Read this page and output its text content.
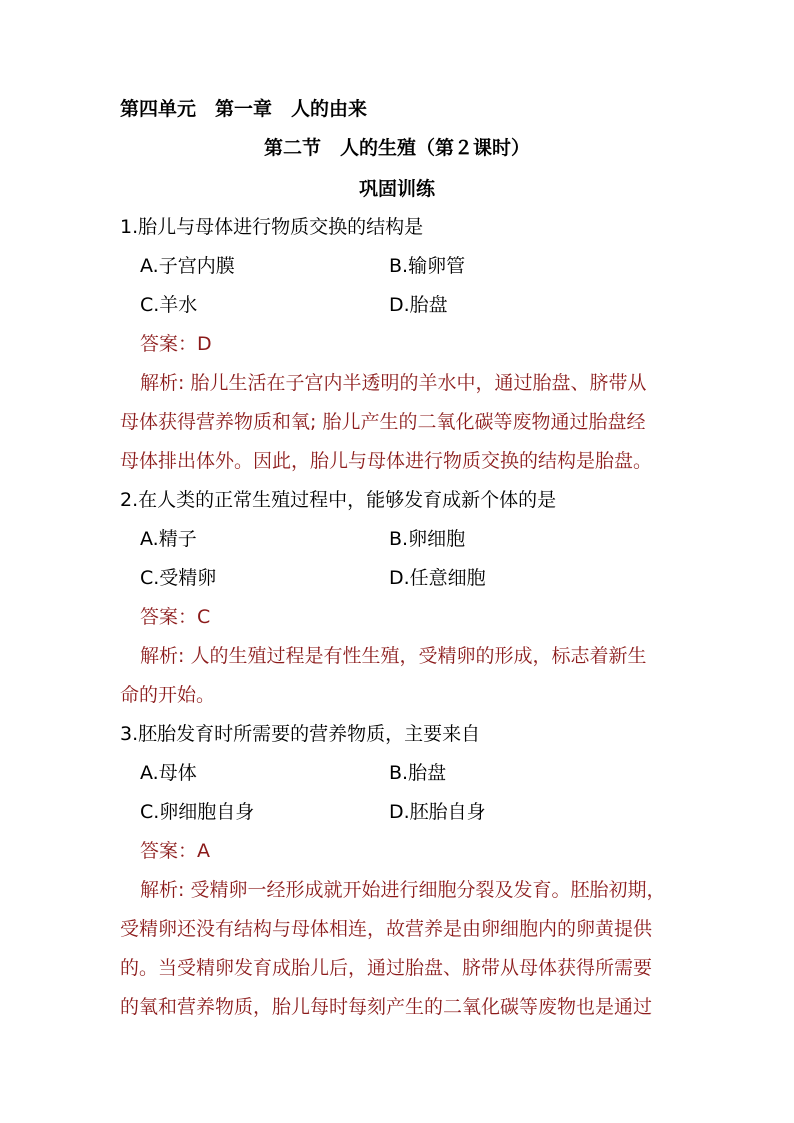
第四单元　第一章　人的由来
第二节　人的生殖（第２课时）
巩固训练
1.胎儿与母体进行物质交换的结构是
A.子宫内膜	B.输卵管
C.羊水	D.胎盘
答案：D
解析: 胎儿生活在子宫内半透明的羊水中，通过胎盘、脐带从
母体获得营养物质和氧; 胎儿产生的二氧化碳等废物通过胎盘经
母体排出体外。因此，胎儿与母体进行物质交换的结构是胎盘。
2.在人类的正常生殖过程中，能够发育成新个体的是
A.精子	B.卵细胞
C.受精卵	D.任意细胞
答案：C
解析: 人的生殖过程是有性生殖，受精卵的形成，标志着新生
命的开始。
3.胚胎发育时所需要的营养物质，主要来自
A.母体	B.胎盘
C.卵细胞自身	D.胚胎自身
答案：A
解析: 受精卵一经形成就开始进行细胞分裂及发育。胚胎初期，
受精卵还没有结构与母体相连，故营养是由卵细胞内的卵黄提供
的。当受精卵发育成胎儿后，通过胎盘、脐带从母体获得所需要
的氧和营养物质，胎儿每时每刻产生的二氧化碳等废物也是通过
